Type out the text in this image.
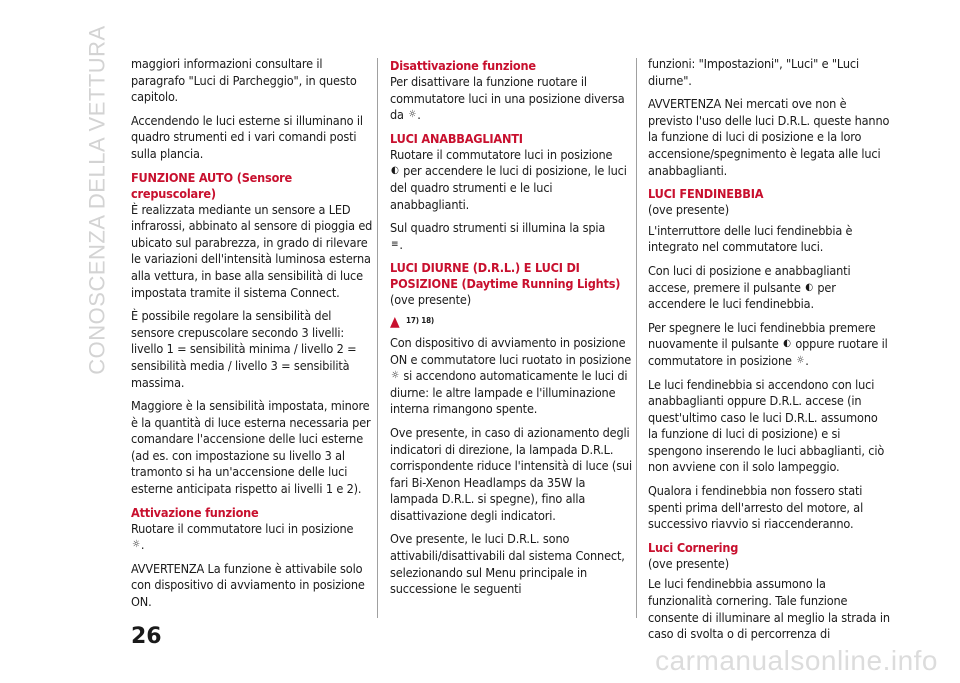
CONOSCENZA DELLA VETTURA maggiori informazioni consultare il paragrafo "Luci di Parcheggio", in questo capitolo.

Accendendo le luci esterne si illuminano il quadro strumenti ed i vari comandi posti sulla plancia.

FUNZIONE AUTO (Sensore crepuscolare)

È realizzata mediante un sensore a LED infrarossi, abbinato al sensore di pioggia ed ubicato sul parabrezza, in grado di rilevare le variazioni dell'intensità luminosa esterna alla vettura, in base alla sensibilità di luce impostata tramite il sistema Connect.

È possibile regolare la sensibilità del sensore crepuscolare secondo 3 livelli: livello 1 = sensibilità minima / livello 2 = sensibilità media / livello 3 = sensibilità massima.

Maggiore è la sensibilità impostata, minore è la quantità di luce esterna necessaria per comandare l'accensione delle luci esterne (ad es. con impostazione su livello 3 al tramonto si ha un'accensione delle luci esterne anticipata rispetto ai livelli 1 e 2).

Attivazione funzione

Ruotare il commutatore luci in posizione
☼.

AVVERTENZA La funzione è attivabile solo con dispositivo di avviamento in posizione ON.

Disattivazione funzione

Per disattivare la funzione ruotare il commutatore luci in una posizione diversa da ☼.

LUCI ANABBAGLIANTI

Ruotare il commutatore luci in posizione
◐ per accendere le luci di posizione, le luci del quadro strumenti e le luci anabbaglianti.

Sul quadro strumenti si illumina la spia
≡.

LUCI DIURNE (D.R.L.) E LUCI DI POSIZIONE (Daytime Running Lights)

(ove presente)

▲ 17) 18)

Con dispositivo di avviamento in posizione ON e commutatore luci ruotato in posizione ☼ si accendono automaticamente le luci di diurne: le altre lampade e l'illuminazione interna rimangono spente.

Ove presente, in caso di azionamento degli indicatori di direzione, la lampada D.R.L. corrispondente riduce l'intensità di luce (sui fari Bi-Xenon Headlamps da 35W la lampada D.R.L. si spegne), fino alla disattivazione degli indicatori.

Ove presente, le luci D.R.L. sono attivabili/disattivabili dal sistema Connect, selezionando sul Menu principale in successione le seguenti

funzioni: "Impostazioni", "Luci" e "Luci diurne".

AVVERTENZA Nei mercati ove non è previsto l'uso delle luci D.R.L. queste hanno la funzione di luci di posizione e la loro accensione/spegnimento è legata alle luci anabbaglianti.

LUCI FENDINEBBIA

(ove presente)

L'interruttore delle luci fendinebbia è integrato nel commutatore luci.

Con luci di posizione e anabbaglianti accese, premere il pulsante ◐ per accendere le luci fendinebbia.

Per spegnere le luci fendinebbia premere nuovamente il pulsante ◐ oppure ruotare il commutatore in posizione ☼.

Le luci fendinebbia si accendono con luci anabbaglianti oppure D.R.L. accese (in quest'ultimo caso le luci D.R.L. assumono la funzione di luci di posizione) e si spengono inserendo le luci abbaglianti, ciò non avviene con il solo lampeggio.

Qualora i fendinebbia non fossero stati spenti prima dell'arresto del motore, al successivo riavvio si riaccenderanno.

Luci Cornering

(ove presente)

Le luci fendinebbia assumono la funzionalità cornering. Tale funzione consente di illuminare al meglio la strada in caso di svolta o di percorrenza di

26
carmanualsonline.info
